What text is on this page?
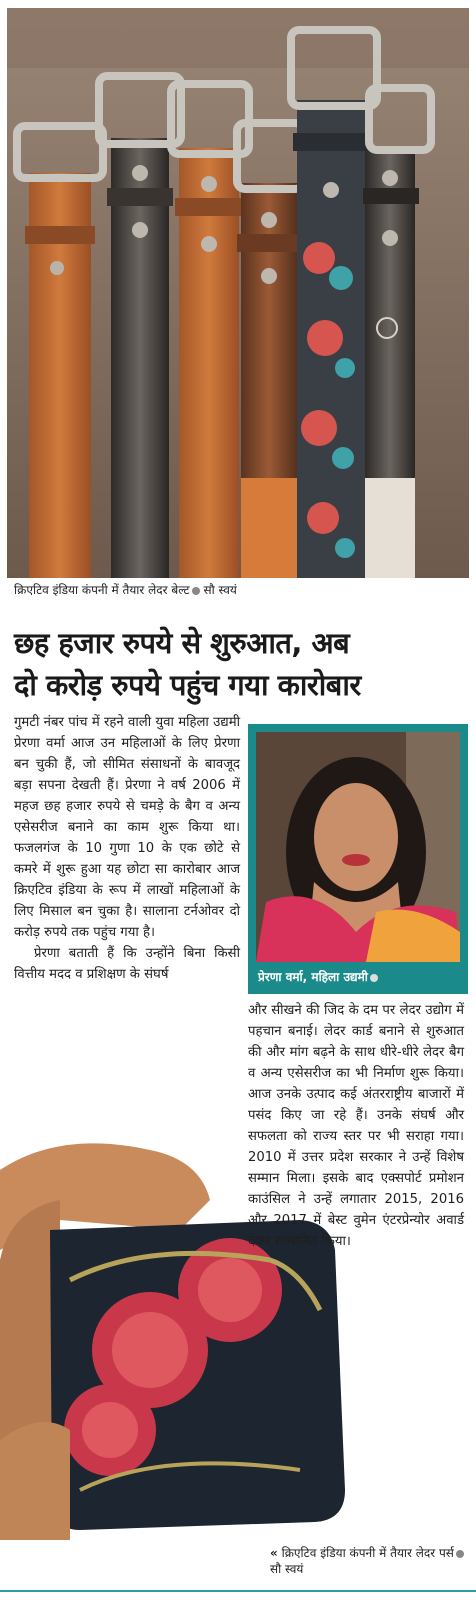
क्रिएटिव इंडिया कंपनी में तैयार लेदर बेल्ट सौ स्वयं
छह हजार रुपये से शुरुआत, अब
दो करोड़ रुपये पहुंच गया कारोबार

गुमटी नंबर पांच में रहने वाली युवा महिला उद्यमी प्रेरणा वर्मा आज उन महिलाओं के लिए प्रेरणा बन चुकी हैं, जो सीमित संसाधनों के बावजूद बड़ा सपना देखती हैं। प्रेरणा ने वर्ष 2006 में महज छह हजार रुपये से चमड़े के बैग व अन्य एसेसरीज बनाने का काम शुरू किया था। फजलगंज के 10 गुणा 10 के एक छोटे से कमरे में शुरू हुआ यह छोटा सा कारोबार आज क्रिएटिव इंडिया के रूप में लाखों महिलाओं के लिए मिसाल बन चुका है। सालाना टर्नओवर दो करोड़ रुपये तक पहुंच गया है।

प्रेरणा बताती हैं कि उन्होंने बिना किसी वित्तीय मदद व प्रशिक्षण के संघर्ष	प्रेरणा वर्मा, महिला उद्यमी

और सीखने की जिद के दम पर लेदर उद्योग में पहचान बनाई। लेदर कार्ड बनाने से शुरुआत की और मांग बढ़ने के साथ धीरे-धीरे लेदर बैग व अन्य एसेसरीज का भी निर्माण शुरू किया। आज उनके उत्पाद कई अंतरराष्ट्रीय बाजारों में पसंद किए जा रहे हैं। उनके संघर्ष और सफलता को राज्य स्तर पर भी सराहा गया। 2010 में उत्तर प्रदेश सरकार ने उन्हें विशेष सम्मान मिला। इसके बाद एक्सपोर्ट प्रमोशन काउंसिल ने उन्हें लगातार 2015, 2016 और 2017 में बेस्ट वुमेन एंटरप्रेन्योर अवार्ड देकर सम्मानित किया।

« क्रिएटिव इंडिया कंपनी में तैयार लेदर पर्ससौ स्वयं
